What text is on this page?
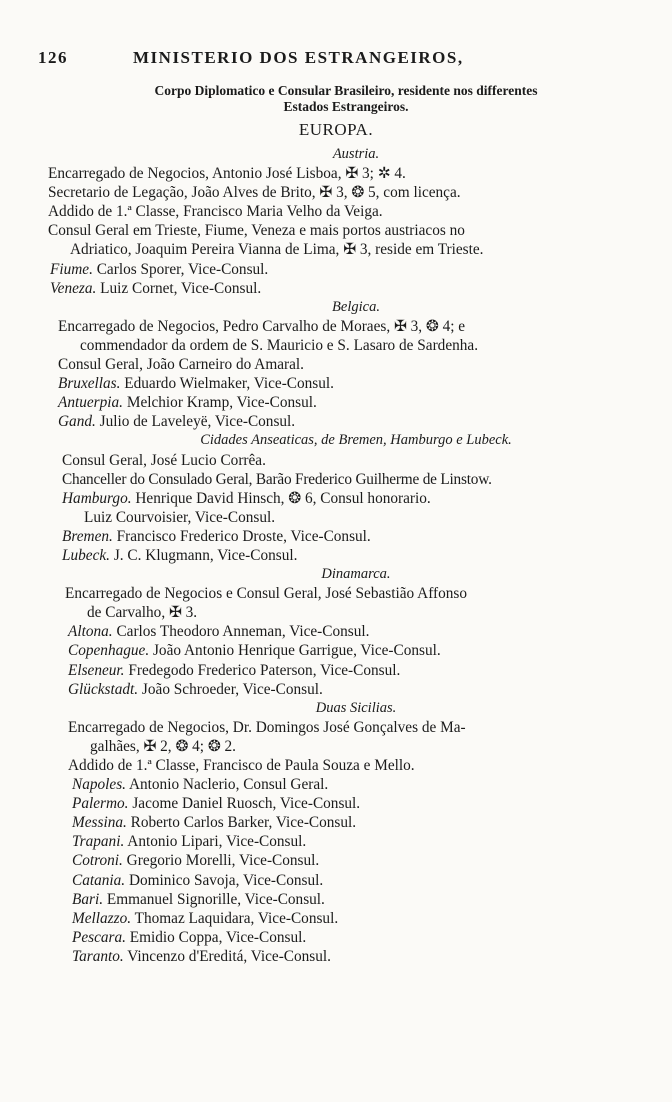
126	MINISTERIO DOS ESTRANGEIROS,
Corpo Diplomatico e Consular Brasileiro, residente nos differentes
Estados Estrangeiros.
EUROPA.
Austria.
Encarregado de Negocios, Antonio José Lisboa, ✠ 3; ✲ 4.
Secretario de Legação, João Alves de Brito, ✠ 3, ❂ 5, com licença.
Addido de 1.ª Classe, Francisco Maria Velho da Veiga.
Consul Geral em Trieste, Fiume, Veneza e mais portos austriacos no
Adriatico, Joaquim Pereira Vianna de Lima, ✠ 3, reside em Trieste.
Fiume. Carlos Sporer, Vice-Consul.
Veneza. Luiz Cornet, Vice-Consul.
Belgica.
Encarregado de Negocios, Pedro Carvalho de Moraes, ✠ 3, ❂ 4; e
commendador da ordem de S. Mauricio e S. Lasaro de Sardenha.
Consul Geral, João Carneiro do Amaral.
Bruxellas. Eduardo Wielmaker, Vice-Consul.
Antuerpia. Melchior Kramp, Vice-Consul.
Gand. Julio de Laveleyë, Vice-Consul.
Cidades Anseaticas, de Bremen, Hamburgo e Lubeck.
Consul Geral, José Lucio Corrêa.
Chanceller do Consulado Geral, Barão Frederico Guilherme de Linstow.
Hamburgo. Henrique David Hinsch, ❂ 6, Consul honorario.
Luiz Courvoisier, Vice-Consul.
Bremen. Francisco Frederico Droste, Vice-Consul.
Lubeck. J. C. Klugmann, Vice-Consul.
Dinamarca.
Encarregado de Negocios e Consul Geral, José Sebastião Affonso
de Carvalho, ✠ 3.
Altona. Carlos Theodoro Anneman, Vice-Consul.
Copenhague. João Antonio Henrique Garrigue, Vice-Consul.
Elseneur. Fredegodo Frederico Paterson, Vice-Consul.
Glückstadt. João Schroeder, Vice-Consul.
Duas Sicilias.
Encarregado de Negocios, Dr. Domingos José Gonçalves de Ma-
galhães, ✠ 2, ❂ 4; ❂ 2.
Addido de 1.ª Classe, Francisco de Paula Souza e Mello.
Napoles. Antonio Naclerio, Consul Geral.
Palermo. Jacome Daniel Ruosch, Vice-Consul.
Messina. Roberto Carlos Barker, Vice-Consul.
Trapani. Antonio Lipari, Vice-Consul.
Cotroni. Gregorio Morelli, Vice-Consul.
Catania. Dominico Savoja, Vice-Consul.
Bari. Emmanuel Signorille, Vice-Consul.
Mellazzo. Thomaz Laquidara, Vice-Consul.
Pescara. Emidio Coppa, Vice-Consul.
Taranto. Vincenzo d'Ereditá, Vice-Consul.
